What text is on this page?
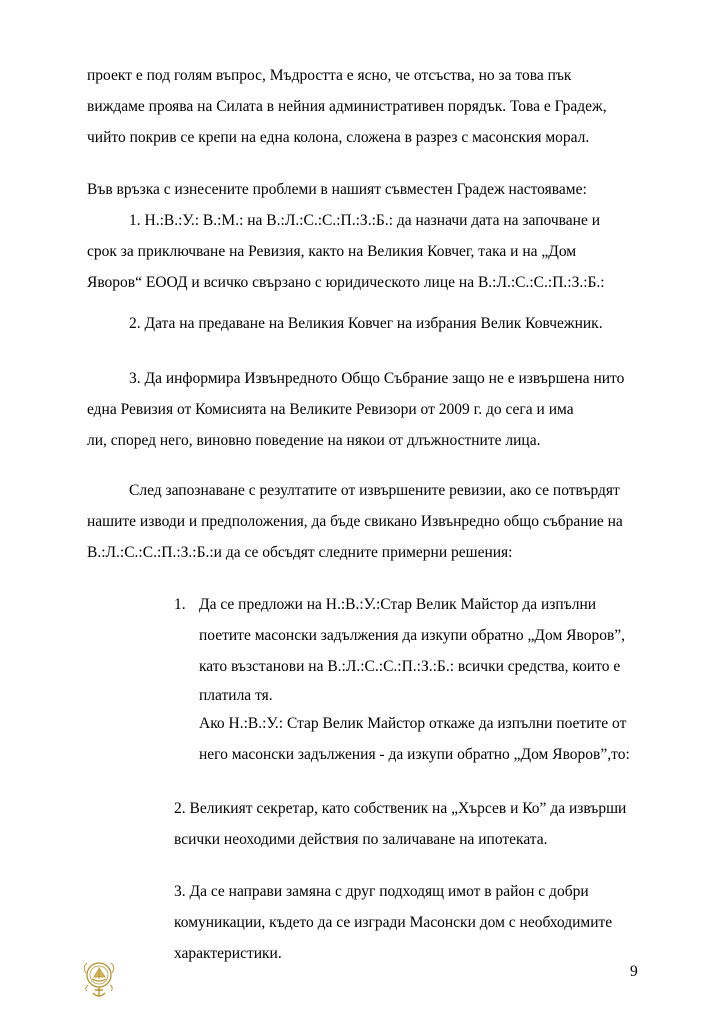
проект е под голям въпрос, Мъдростта е ясно, че отсъства, но за това пък
виждаме проява на Силата в нейния административен порядък. Това е Градеж,
чийто покрив се крепи на една колона, сложена в разрез с масонския морал.
Във връзка с изнесените проблеми в нашият съвместен Градеж настояваме:
1. Н.:В.:У.: В.:М.: на В.:Л.:С.:С.:П.:З.:Б.: да назначи дата на започване и
срок за приключване на Ревизия, както на Великия Ковчег, така и на „Дом
Яворов“ ЕООД и всичко свързано с юридическото лице на В.:Л.:С.:С.:П.:З.:Б.:
2. Дата на предаване на Великия Ковчег на избрания Велик Ковчежник.
3. Да информира Извънредното Общо Събрание защо не е извършена нито
една Ревизия от Комисията на Великите Ревизори от 2009 г. до сега и има
ли, според него, виновно поведение на някои от длъжностните лица.
След запознаване с резултатите от извършените ревизии, ако се потвърдят
нашите изводи и предположения, да бъде свикано Извънредно общо събрание на
В.:Л.:С.:С.:П.:З.:Б.:и да се обсъдят следните примерни решения:
1. Да се предложи на Н.:В.:У.:Стар Велик Майстор да изпълни
поетите масонски задължения да изкупи обратно „Дом Яворов”,
като възстанови на В.:Л.:С.:С.:П.:З.:Б.: всички средства, които е
платила тя.
Ако Н.:В.:У.: Стар Велик Майстор откаже да изпълни поетите от
него масонски задължения - да изкупи обратно „Дом Яворов”,то:
2. Великият секретар, като собственик на „Хърсев и Ко” да извърши
всички неоходими действия по заличаване на ипотеката.
3. Да се направи замяна с друг подходящ имот в район с добри
комуникации, където да се изгради Масонски дом с необходимите
характеристики.
9
